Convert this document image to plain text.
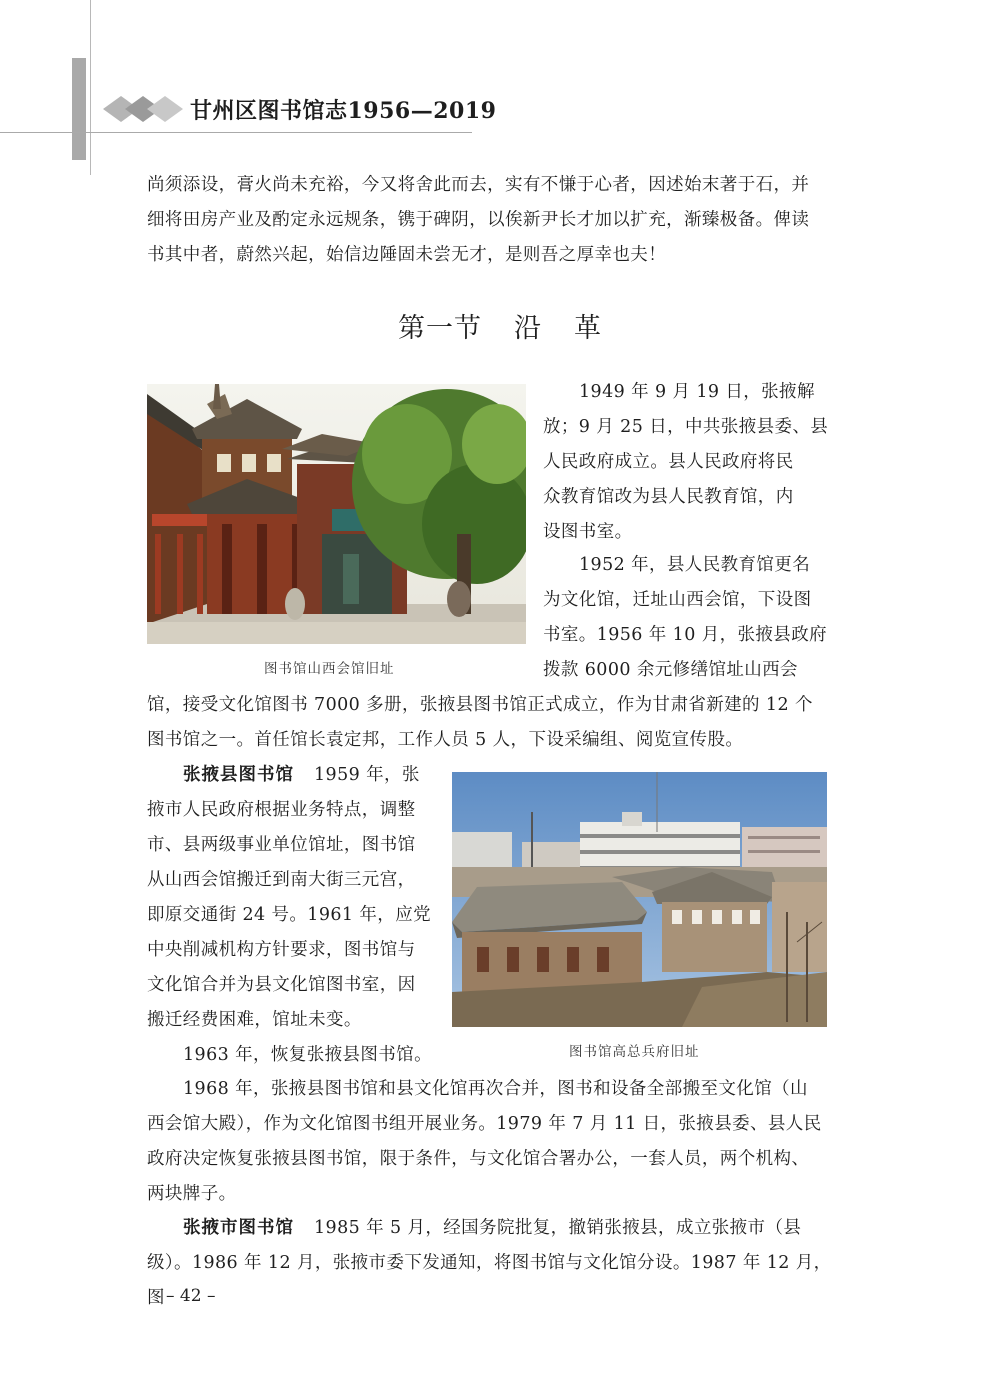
甘州区图书馆志1956—2019
尚须添设，膏火尚未充裕，今又将舍此而去，实有不慊于心者，因述始末著于石，并
细将田房产业及酌定永远规条，镌于碑阴，以俟新尹长才加以扩充，渐臻极备。俾读
书其中者，蔚然兴起，始信边陲固未尝无才，是则吾之厚幸也夫！
第一节 沿 革
图书馆山西会馆旧址
1949 年 9 月 19 日，张掖解
放；9 月 25 日，中共张掖县委、县
人民政府成立。县人民政府将民
众教育馆改为县人民教育馆，内
设图书室。
1952 年，县人民教育馆更名
为文化馆，迁址山西会馆，下设图
书室。1956 年 10 月，张掖县政府
拨款 6000 余元修缮馆址山西会
馆，接受文化馆图书 7000 多册，张掖县图书馆正式成立，作为甘肃省新建的 12 个
图书馆之一。首任馆长袁定邦，工作人员 5 人，下设采编组、阅览宣传股。
图书馆高总兵府旧址
张掖县图书馆 1959 年，张
掖市人民政府根据业务特点，调整
市、县两级事业单位馆址，图书馆
从山西会馆搬迁到南大街三元宫，
即原交通街 24 号。1961 年，应党
中央削减机构方针要求，图书馆与
文化馆合并为县文化馆图书室，因
搬迁经费困难，馆址未变。
1963 年，恢复张掖县图书馆。
1968 年，张掖县图书馆和县文化馆再次合并，图书和设备全部搬至文化馆（山
西会馆大殿），作为文化馆图书组开展业务。1979 年 7 月 11 日，张掖县委、县人民
政府决定恢复张掖县图书馆，限于条件，与文化馆合署办公，一套人员，两个机构、
两块牌子。
张掖市图书馆 1985 年 5 月，经国务院批复，撤销张掖县，成立张掖市（县
级）。1986 年 12 月，张掖市委下发通知，将图书馆与文化馆分设。1987 年 12 月，图 – 42 –
